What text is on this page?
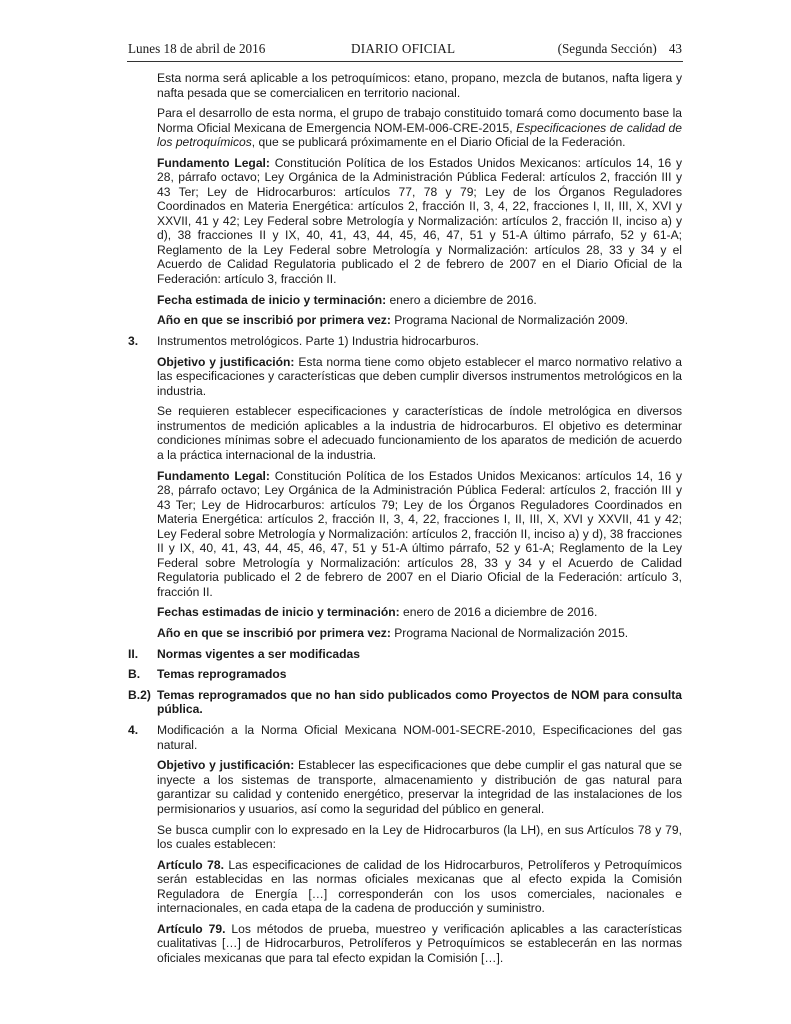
Lunes 18 de abril de 2016	DIARIO OFICIAL	(Segunda Sección) 43

Esta norma será aplicable a los petroquímicos: etano, propano, mezcla de butanos, nafta ligera y nafta pesada que se comercialicen en territorio nacional.

Para el desarrollo de esta norma, el grupo de trabajo constituido tomará como documento base la Norma Oficial Mexicana de Emergencia NOM-EM-006-CRE-2015, Especificaciones de calidad de los petroquímicos, que se publicará próximamente en el Diario Oficial de la Federación.

Fundamento Legal: Constitución Política de los Estados Unidos Mexicanos: artículos 14, 16 y 28, párrafo octavo; Ley Orgánica de la Administración Pública Federal: artículos 2, fracción III y 43 Ter; Ley de Hidrocarburos: artículos 77, 78 y 79; Ley de los Órganos Reguladores Coordinados en Materia Energética: artículos 2, fracción II, 3, 4, 22, fracciones I, II, III, X, XVI y XXVII, 41 y 42; Ley Federal sobre Metrología y Normalización: artículos 2, fracción II, inciso a) y d), 38 fracciones II y IX, 40, 41, 43, 44, 45, 46, 47, 51 y 51-A último párrafo, 52 y 61-A; Reglamento de la Ley Federal sobre Metrología y Normalización: artículos 28, 33 y 34 y el Acuerdo de Calidad Regulatoria publicado el 2 de febrero de 2007 en el Diario Oficial de la Federación: artículo 3, fracción II.

Fecha estimada de inicio y terminación: enero a diciembre de 2016.

Año en que se inscribió por primera vez: Programa Nacional de Normalización 2009.

3. Instrumentos metrológicos. Parte 1) Industria hidrocarburos.

Objetivo y justificación: Esta norma tiene como objeto establecer el marco normativo relativo a las especificaciones y características que deben cumplir diversos instrumentos metrológicos en la industria.

Se requieren establecer especificaciones y características de índole metrológica en diversos instrumentos de medición aplicables a la industria de hidrocarburos. El objetivo es determinar condiciones mínimas sobre el adecuado funcionamiento de los aparatos de medición de acuerdo a la práctica internacional de la industria.

Fundamento Legal: Constitución Política de los Estados Unidos Mexicanos: artículos 14, 16 y 28, párrafo octavo; Ley Orgánica de la Administración Pública Federal: artículos 2, fracción III y 43 Ter; Ley de Hidrocarburos: artículos 79; Ley de los Órganos Reguladores Coordinados en Materia Energética: artículos 2, fracción II, 3, 4, 22, fracciones I, II, III, X, XVI y XXVII, 41 y 42; Ley Federal sobre Metrología y Normalización: artículos 2, fracción II, inciso a) y d), 38 fracciones II y IX, 40, 41, 43, 44, 45, 46, 47, 51 y 51-A último párrafo, 52 y 61-A; Reglamento de la Ley Federal sobre Metrología y Normalización: artículos 28, 33 y 34 y el Acuerdo de Calidad Regulatoria publicado el 2 de febrero de 2007 en el Diario Oficial de la Federación: artículo 3, fracción II.

Fechas estimadas de inicio y terminación: enero de 2016 a diciembre de 2016.

Año en que se inscribió por primera vez: Programa Nacional de Normalización 2015.

II. Normas vigentes a ser modificadas
B. Temas reprogramados
B.2) Temas reprogramados que no han sido publicados como Proyectos de NOM para consulta pública.
4. Modificación a la Norma Oficial Mexicana NOM-001-SECRE-2010, Especificaciones del gas natural.

Objetivo y justificación: Establecer las especificaciones que debe cumplir el gas natural que se inyecte a los sistemas de transporte, almacenamiento y distribución de gas natural para garantizar su calidad y contenido energético, preservar la integridad de las instalaciones de los permisionarios y usuarios, así como la seguridad del público en general.

Se busca cumplir con lo expresado en la Ley de Hidrocarburos (la LH), en sus Artículos 78 y 79, los cuales establecen:

Artículo 78. Las especificaciones de calidad de los Hidrocarburos, Petrolíferos y Petroquímicos serán establecidas en las normas oficiales mexicanas que al efecto expida la Comisión Reguladora de Energía […] corresponderán con los usos comerciales, nacionales e internacionales, en cada etapa de la cadena de producción y suministro.

Artículo 79. Los métodos de prueba, muestreo y verificación aplicables a las características cualitativas […] de Hidrocarburos, Petrolíferos y Petroquímicos se establecerán en las normas oficiales mexicanas que para tal efecto expidan la Comisión […].
